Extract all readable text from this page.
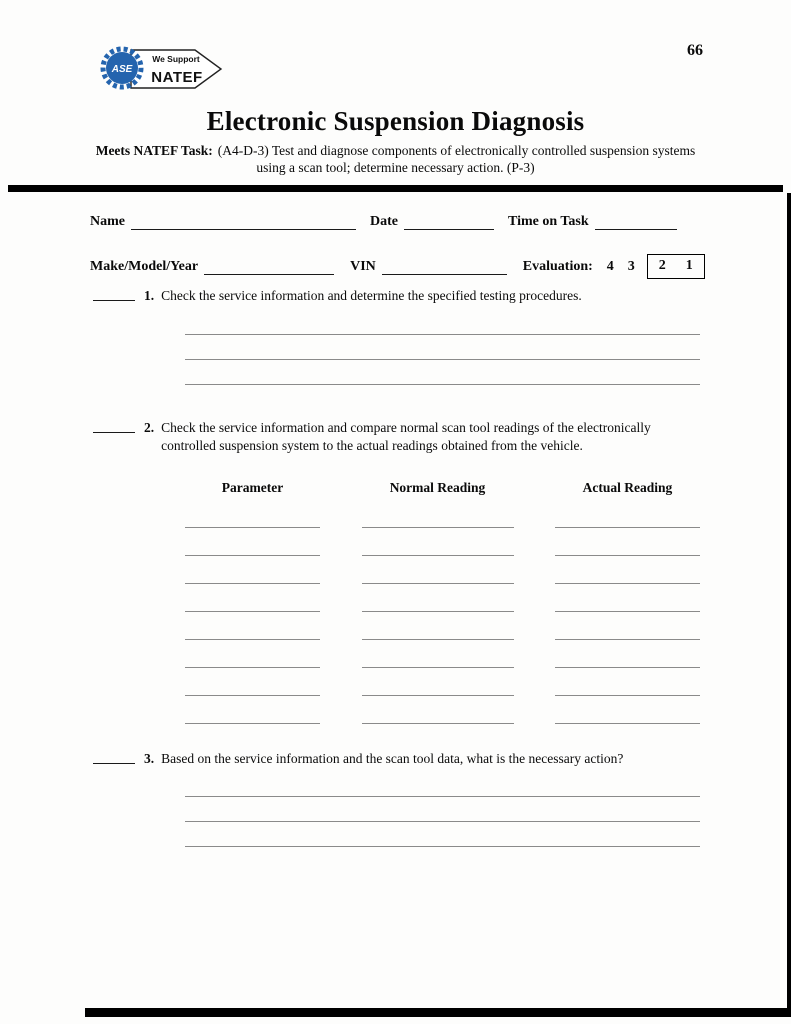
ASE
We Support
NATEF
66
Electronic Suspension Diagnosis

Meets NATEF Task: (A4-D-3) Test and diagnose components of electronically controlled suspension systems using a scan tool; determine necessary action. (P-3)

Name	Date	Time on Task
Make/Model/Year	VIN	Evaluation: 4 3 2 1
1. Check the service information and determine the specified testing procedures.
2. Check the service information and compare normal scan tool readings of the electronically controlled suspension system to the actual readings obtained from the vehicle.
Parameter	Normal Reading	Actual Reading
3. Based on the service information and the scan tool data, what is the necessary action?
